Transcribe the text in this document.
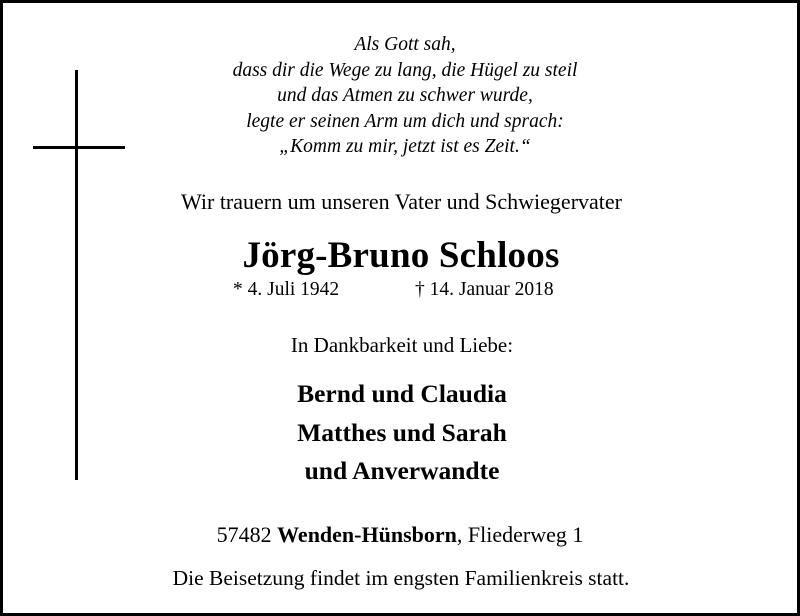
Als Gott sah,
dass dir die Wege zu lang, die Hügel zu steil
und das Atmen zu schwer wurde,
legte er seinen Arm um dich und sprach:
„Komm zu mir, jetzt ist es Zeit.“
Wir trauern um unseren Vater und Schwiegervater
Jörg-Bruno Schloos
* 4. Juli 1942	† 14. Januar 2018
In Dankbarkeit und Liebe:
Bernd und Claudia
Matthes und Sarah
und Anverwandte
57482 Wenden-Hünsborn, Fliederweg 1
Die Beisetzung findet im engsten Familienkreis statt.
